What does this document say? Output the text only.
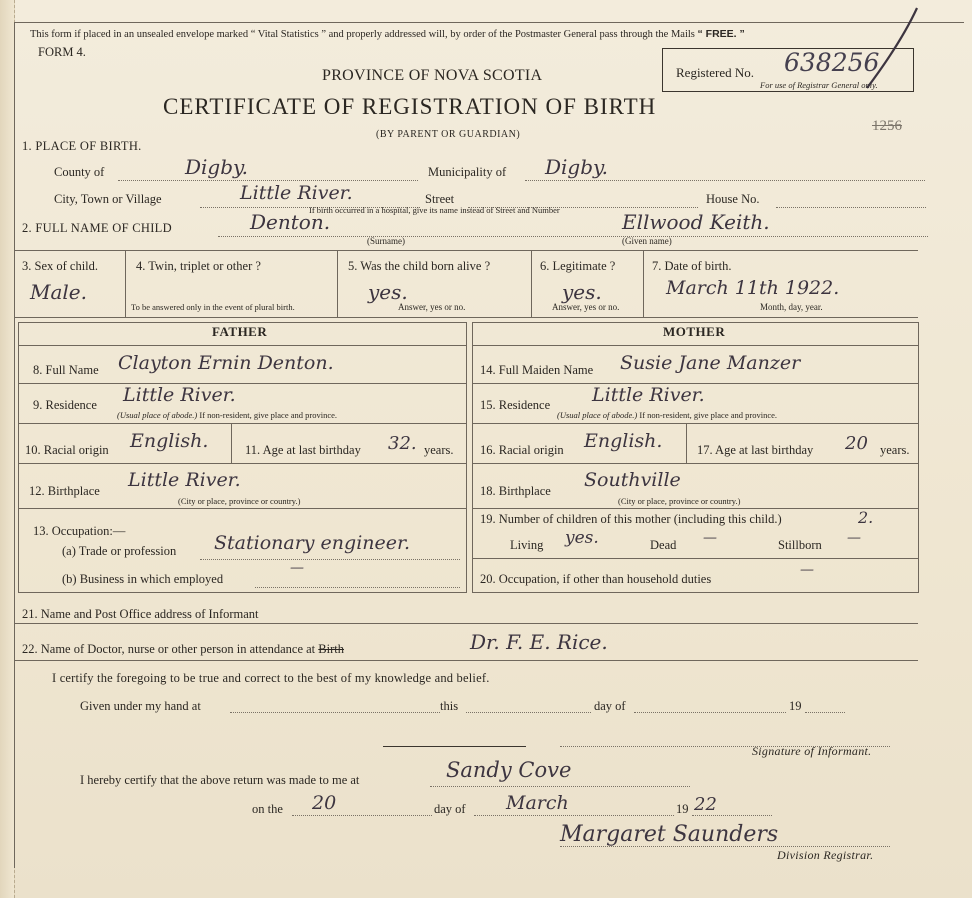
This form if placed in an unsealed envelope marked “ Vital Statistics ” and properly addressed will, by order of the Postmaster General pass through the Mails “ FREE. ”
FORM 4.
PROVINCE OF NOVA SCOTIA
CERTIFICATE OF REGISTRATION OF BIRTH
(BY PARENT OR GUARDIAN)
Registered No. 638256
For use of Registrar General only.
1256
1. PLACE OF BIRTH.
County of	Digby.	Municipality of Digby.
City, Town or Village	Little River.	Street	House No.
If birth occurred in a hospital, give its name instead of Street and Number
2. FULL NAME OF CHILD	Denton.
(Surname)
Ellwood Keith.
(Given name)
3. Sex of child.
Male.
4. Twin, triplet or other ?
To be answered only in the event of plural birth.
5. Was the child born alive ?
yes.
Answer, yes or no.
6. Legitimate ?
yes.
Answer, yes or no.
7. Date of birth.
March 11th 1922.
Month, day, year.
FATHER	MOTHER
8. Full Name Clayton Ernin Denton.
9. Residence Little River.
(Usual place of abode.) If non-resident, give place and province.
10. Racial origin English.	11. Age at last birthday 32. years.
12. Birthplace Little River.
(City or place, province or country.)
13. Occupation:—
(a) Trade or profession Stationary engineer.
(b) Business in which employed
—
14. Full Maiden Name Susie Jane Manzer
15. Residence Little River.
(Usual place of abode.) If non-resident, give place and province.
16. Racial origin English.	17. Age at last birthday 20 years.
18. Birthplace Southville
(City or place, province or country.)
19. Number of children of this mother (including this child.)	2.
Living yes.	Dead —	Stillborn —
20. Occupation, if other than household duties
—
21. Name and Post Office address of Informant
22. Name of Doctor, nurse or other person in attendance at Birth	Dr. F. E. Rice.
I certify the foregoing to be true and correct to the best of my knowledge and belief.
Given under my hand at	this	day of	19
Signature of Informant.
I hereby certify that the above return was made to me at	Sandy Cove
on the 20	day of March	19 22
Margaret Saunders
Division Registrar.
